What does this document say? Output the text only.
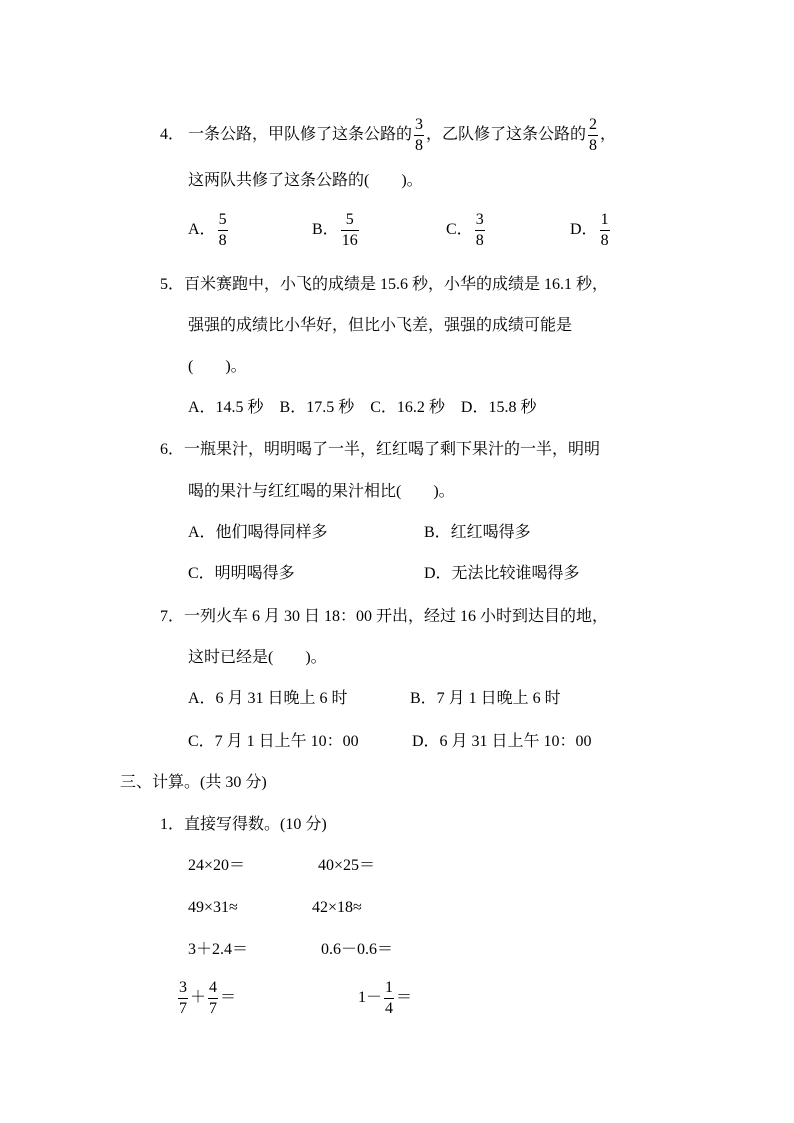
4． 一条公路，甲队修了这条公路的 $\frac{3}{8}$ ，乙队修了这条公路的 $\frac{2}{8}$ ，
这两队共修了这条公路的(　　)。
A． $\frac{5}{8}$	B． $\frac{5}{16}$	C． $\frac{3}{8}$	D． $\frac{1}{8}$
5．百米赛跑中，小飞的成绩是 15.6 秒，小华的成绩是 16.1 秒，
强强的成绩比小华好，但比小飞差，强强的成绩可能是
(　　)。
A．14.5 秒　B．17.5 秒　C．16.2 秒　D．15.8 秒
6．一瓶果汁，明明喝了一半，红红喝了剩下果汁的一半，明明
喝的果汁与红红喝的果汁相比(　　)。
A．他们喝得同样多	B．红红喝得多
C．明明喝得多	D．无法比较谁喝得多
7．一列火车 6 月 30 日 18：00 开出，经过 16 小时到达目的地，
这时已经是(　　)。
A．6 月 31 日晚上 6 时	B．7 月 1 日晚上 6 时
C．7 月 1 日上午 10：00	D．6 月 31 日上午 10：00
三、计算。(共 30 分)
1．直接写得数。(10 分)
24×20＝	40×25＝
49×31≈	42×18≈
3＋2.4＝	0.6－0.6＝
$\frac{3}{7} + \frac{4}{7}$ ＝	$1- \frac{1}{4}$ ＝
